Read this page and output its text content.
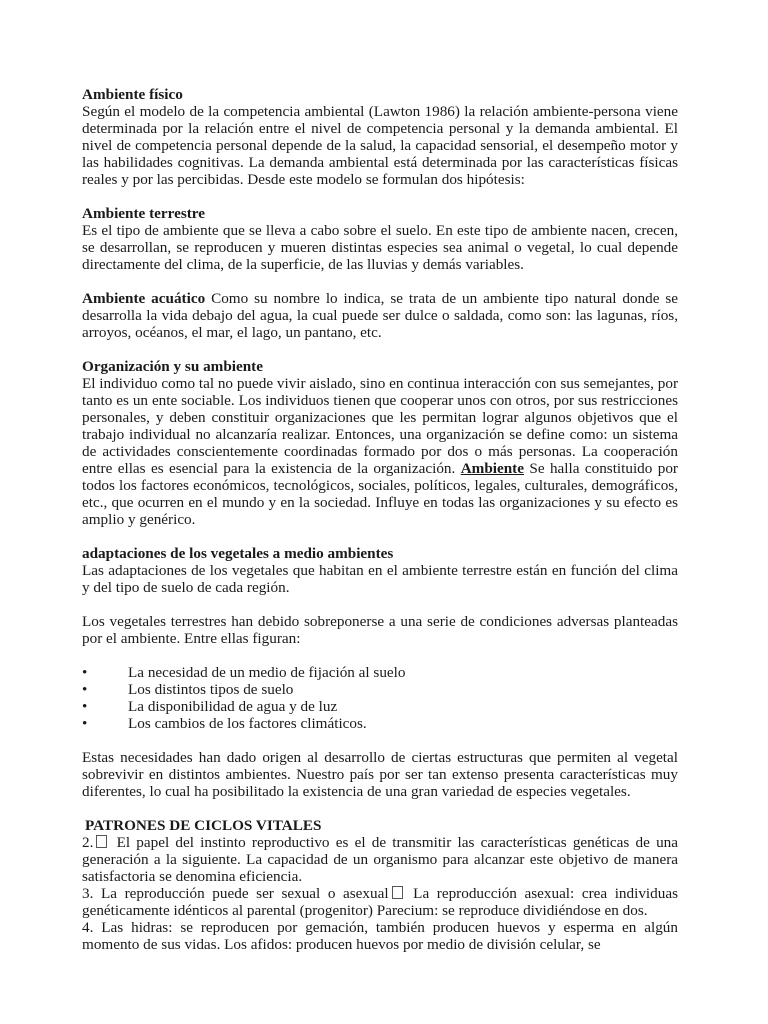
Ambiente físico

Según el modelo de la competencia ambiental (Lawton 1986) la relación ambiente-persona viene determinada por la relación entre el nivel de competencia personal y la demanda ambiental. El nivel de competencia personal depende de la salud, la capacidad sensorial, el desempeño motor y las habilidades cognitivas. La demanda ambiental está determinada por las características físicas reales y por las percibidas. Desde este modelo se formulan dos hipótesis:

Ambiente terrestre

Es el tipo de ambiente que se lleva a cabo sobre el suelo. En este tipo de ambiente nacen, crecen, se desarrollan, se reproducen y mueren distintas especies sea animal o vegetal, lo cual depende directamente del clima, de la superficie, de las lluvias y demás variables.

Ambiente acuático Como su nombre lo indica, se trata de un ambiente tipo natural donde se desarrolla la vida debajo del agua, la cual puede ser dulce o saldada, como son: las lagunas, ríos, arroyos, océanos, el mar, el lago, un pantano, etc.

Organización y su ambiente

El individuo como tal no puede vivir aislado, sino en continua interacción con sus semejantes, por tanto es un ente sociable. Los individuos tienen que cooperar unos con otros, por sus restricciones personales, y deben constituir organizaciones que les permitan lograr algunos objetivos que el trabajo individual no alcanzaría realizar. Entonces, una organización se define como: un sistema de actividades conscientemente coordinadas formado por dos o más personas. La cooperación entre ellas es esencial para la existencia de la organización. Ambiente Se halla constituido por todos los factores económicos, tecnológicos, sociales, políticos, legales, culturales, demográficos, etc., que ocurren en el mundo y en la sociedad. Influye en todas las organizaciones y su efecto es amplio y genérico.

adaptaciones de los vegetales a medio ambientes

Las adaptaciones de los vegetales que habitan en el ambiente terrestre están en función del clima y del tipo de suelo de cada región.

Los vegetales terrestres han debido sobreponerse a una serie de condiciones adversas planteadas por el ambiente. Entre ellas figuran:

•	La necesidad de un medio de fijación al suelo
•	Los distintos tipos de suelo
•	La disponibilidad de agua y de luz
•	Los cambios de los factores climáticos.

Estas necesidades han dado origen al desarrollo de ciertas estructuras que permiten al vegetal sobrevivir en distintos ambientes. Nuestro país por ser tan extenso presenta características muy diferentes, lo cual ha posibilitado la existencia de una gran variedad de especies vegetales.

PATRONES DE CICLOS VITALES

2. El papel del instinto reproductivo es el de transmitir las características genéticas de una generación a la siguiente. La capacidad de un organismo para alcanzar este objetivo de manera satisfactoria se denomina eficiencia.

3. La reproducción puede ser sexual o asexual La reproducción asexual: crea individuas genéticamente idénticos al parental (progenitor) Parecium: se reproduce dividiéndose en dos.

4. Las hidras: se reproducen por gemación, también producen huevos y esperma en algún momento de sus vidas. Los afidos: producen huevos por medio de división celular, se
